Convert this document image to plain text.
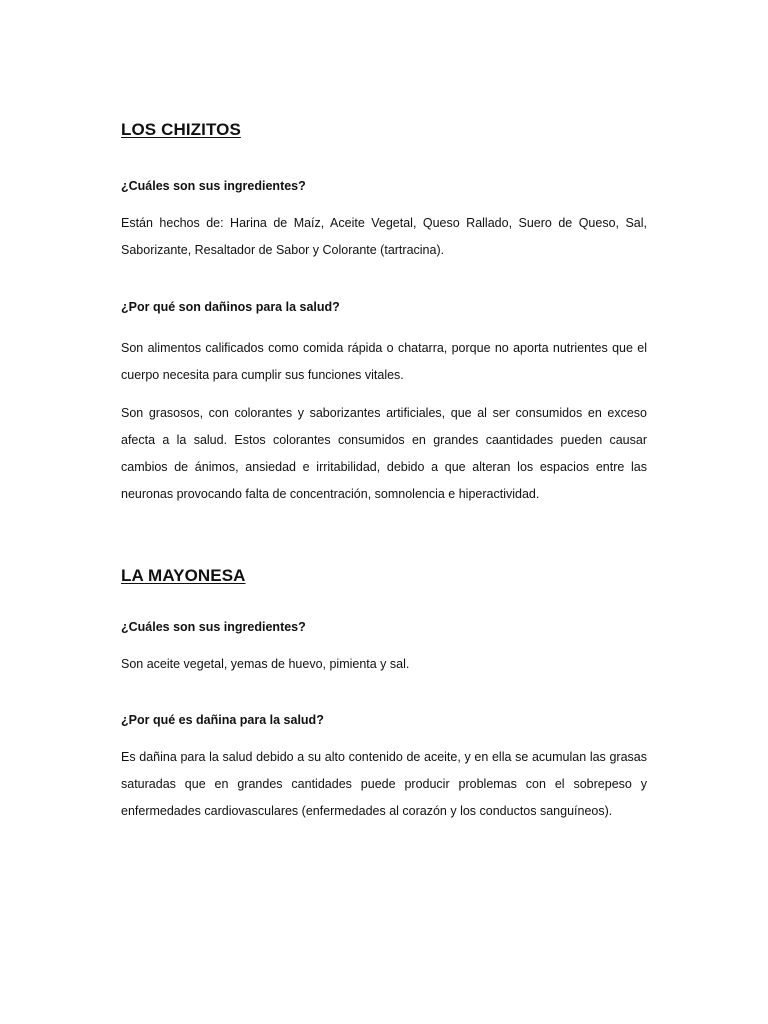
LOS CHIZITOS

¿Cuáles son sus ingredientes?

Están hechos de: Harina de Maíz, Aceite Vegetal, Queso Rallado, Suero de Queso, Sal, Saborizante, Resaltador de Sabor y Colorante (tartracina).

¿Por qué son dañinos para la salud?

Son alimentos calificados como comida rápida o chatarra, porque no aporta nutrientes que el cuerpo necesita para cumplir sus funciones vitales.

Son grasosos, con colorantes y saborizantes artificiales, que al ser consumidos en exceso afecta a la salud. Estos colorantes consumidos en grandes caantidades pueden causar cambios de ánimos, ansiedad e irritabilidad, debido a que alteran los espacios entre las neuronas provocando falta de concentración, somnolencia e hiperactividad.

LA MAYONESA

¿Cuáles son sus ingredientes?

Son aceite vegetal, yemas de huevo, pimienta y sal.

¿Por qué es dañina para la salud?

Es dañina para la salud debido a su alto contenido de aceite, y en ella se acumulan las grasas saturadas que en grandes cantidades puede producir problemas con el sobrepeso y enfermedades cardiovasculares (enfermedades al corazón y los conductos sanguíneos).
